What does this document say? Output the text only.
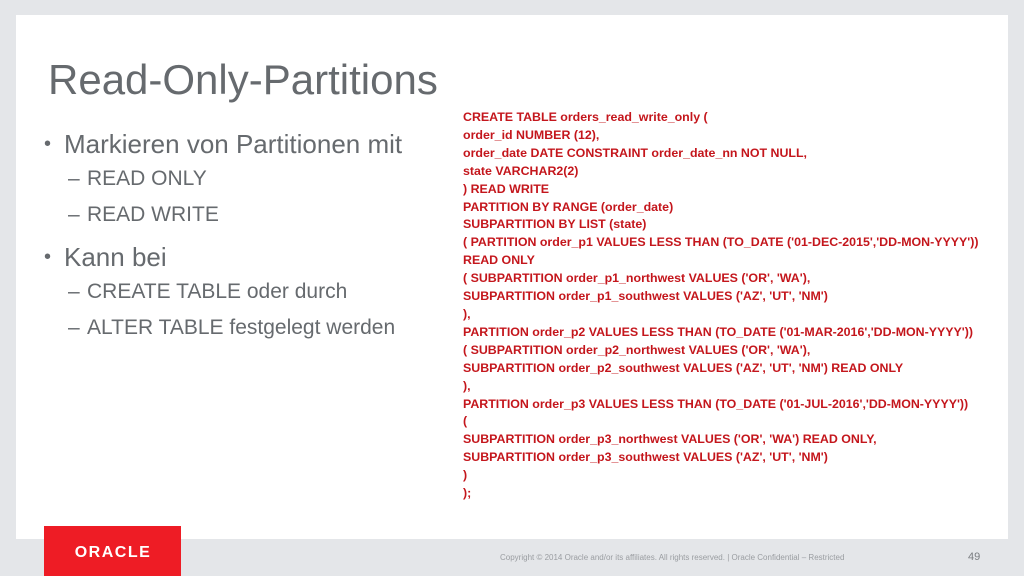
Read-Only-Partitions
• Markieren von Partitionen mit
– READ ONLY
– READ WRITE
• Kann bei
– CREATE TABLE oder durch
– ALTER TABLE festgelegt werden
CREATE TABLE orders_read_write_only (
order_id NUMBER (12),
order_date DATE CONSTRAINT order_date_nn NOT NULL,
state VARCHAR2(2)
) READ WRITE
PARTITION BY RANGE (order_date)
SUBPARTITION BY LIST (state)
( PARTITION order_p1 VALUES LESS THAN (TO_DATE ('01-DEC-2015','DD-MON-YYYY'))
READ ONLY
( SUBPARTITION order_p1_northwest VALUES ('OR', 'WA'),
SUBPARTITION order_p1_southwest VALUES ('AZ', 'UT', 'NM')
),
PARTITION order_p2 VALUES LESS THAN (TO_DATE ('01-MAR-2016','DD-MON-YYYY'))
( SUBPARTITION order_p2_northwest VALUES ('OR', 'WA'),
SUBPARTITION order_p2_southwest VALUES ('AZ', 'UT', 'NM') READ ONLY
),
PARTITION order_p3 VALUES LESS THAN (TO_DATE ('01-JUL-2016','DD-MON-YYYY'))
(
SUBPARTITION order_p3_northwest VALUES ('OR', 'WA') READ ONLY,
SUBPARTITION order_p3_southwest VALUES ('AZ', 'UT', 'NM')
)
);
ORACLE	Copyright © 2014 Oracle and/or its affiliates. All rights reserved. | Oracle Confidential – Restricted	49
